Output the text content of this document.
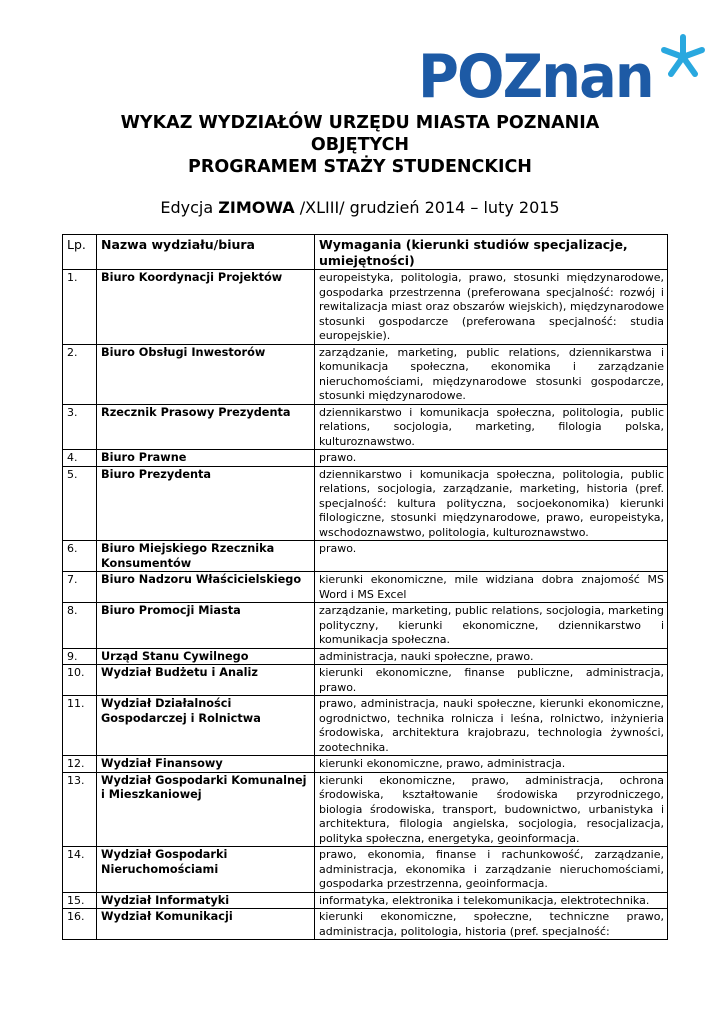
POZnan
WYKAZ WYDZIAŁÓW URZĘDU MIASTA POZNANIA
OBJĘTYCH
PROGRAMEM STAŻY STUDENCKICH
Edycja ZIMOWA /XLIII/ grudzień 2014 – luty 2015
Lp.	Nazwa wydziału/biura	Wymagania (kierunki studiów specjalizacje, umiejętności)
1.	Biuro Koordynacji Projektów	europeistyka, politologia, prawo, stosunki międzynarodowe, gospodarka przestrzenna (preferowana specjalność: rozwój i rewitalizacja miast oraz obszarów wiejskich), międzynarodowe stosunki gospodarcze (preferowana specjalność: studia europejskie).
2.	Biuro Obsługi Inwestorów	zarządzanie, marketing, public relations, dziennikarstwa i komunikacja społeczna, ekonomika i zarządzanie nieruchomościami, międzynarodowe stosunki gospodarcze, stosunki międzynarodowe.
3.	Rzecznik Prasowy Prezydenta	dziennikarstwo i komunikacja społeczna, politologia, public relations, socjologia, marketing, filologia polska, kulturoznawstwo.
4.	Biuro Prawne	prawo.
5.	Biuro Prezydenta	dziennikarstwo i komunikacja społeczna, politologia, public relations, socjologia, zarządzanie, marketing, historia (pref. specjalność: kultura polityczna, socjoekonomika) kierunki filologiczne, stosunki międzynarodowe, prawo, europeistyka, wschodoznawstwo, politologia, kulturoznawstwo.
6.	Biuro Miejskiego Rzecznika Konsumentów	prawo.
7.	Biuro Nadzoru Właścicielskiego	kierunki ekonomiczne, mile widziana dobra znajomość MS Word i MS Excel
8.	Biuro Promocji Miasta	zarządzanie, marketing, public relations, socjologia, marketing polityczny, kierunki ekonomiczne, dziennikarstwo i komunikacja społeczna.
9.	Urząd Stanu Cywilnego	administracja, nauki społeczne, prawo.
10.	Wydział Budżetu i Analiz	kierunki ekonomiczne, finanse publiczne, administracja, prawo.
11.	Wydział Działalności Gospodarczej i Rolnictwa	prawo, administracja, nauki społeczne, kierunki ekonomiczne, ogrodnictwo, technika rolnicza i leśna, rolnictwo, inżynieria środowiska, architektura krajobrazu, technologia żywności, zootechnika.
12.	Wydział Finansowy	kierunki ekonomiczne, prawo, administracja.
13.	Wydział Gospodarki Komunalnej i Mieszkaniowej	kierunki ekonomiczne, prawo, administracja, ochrona środowiska, kształtowanie środowiska przyrodniczego, biologia środowiska, transport, budownictwo, urbanistyka i architektura, filologia angielska, socjologia, resocjalizacja, polityka społeczna, energetyka, geoinformacja.
14.	Wydział Gospodarki Nieruchomościami	prawo, ekonomia, finanse i rachunkowość, zarządzanie, administracja, ekonomika i zarządzanie nieruchomościami, gospodarka przestrzenna, geoinformacja.
15.	Wydział Informatyki	informatyka, elektronika i telekomunikacja, elektrotechnika.
16.	Wydział Komunikacji	kierunki ekonomiczne, społeczne, techniczne prawo, administracja, politologia, historia (pref. specjalność:
